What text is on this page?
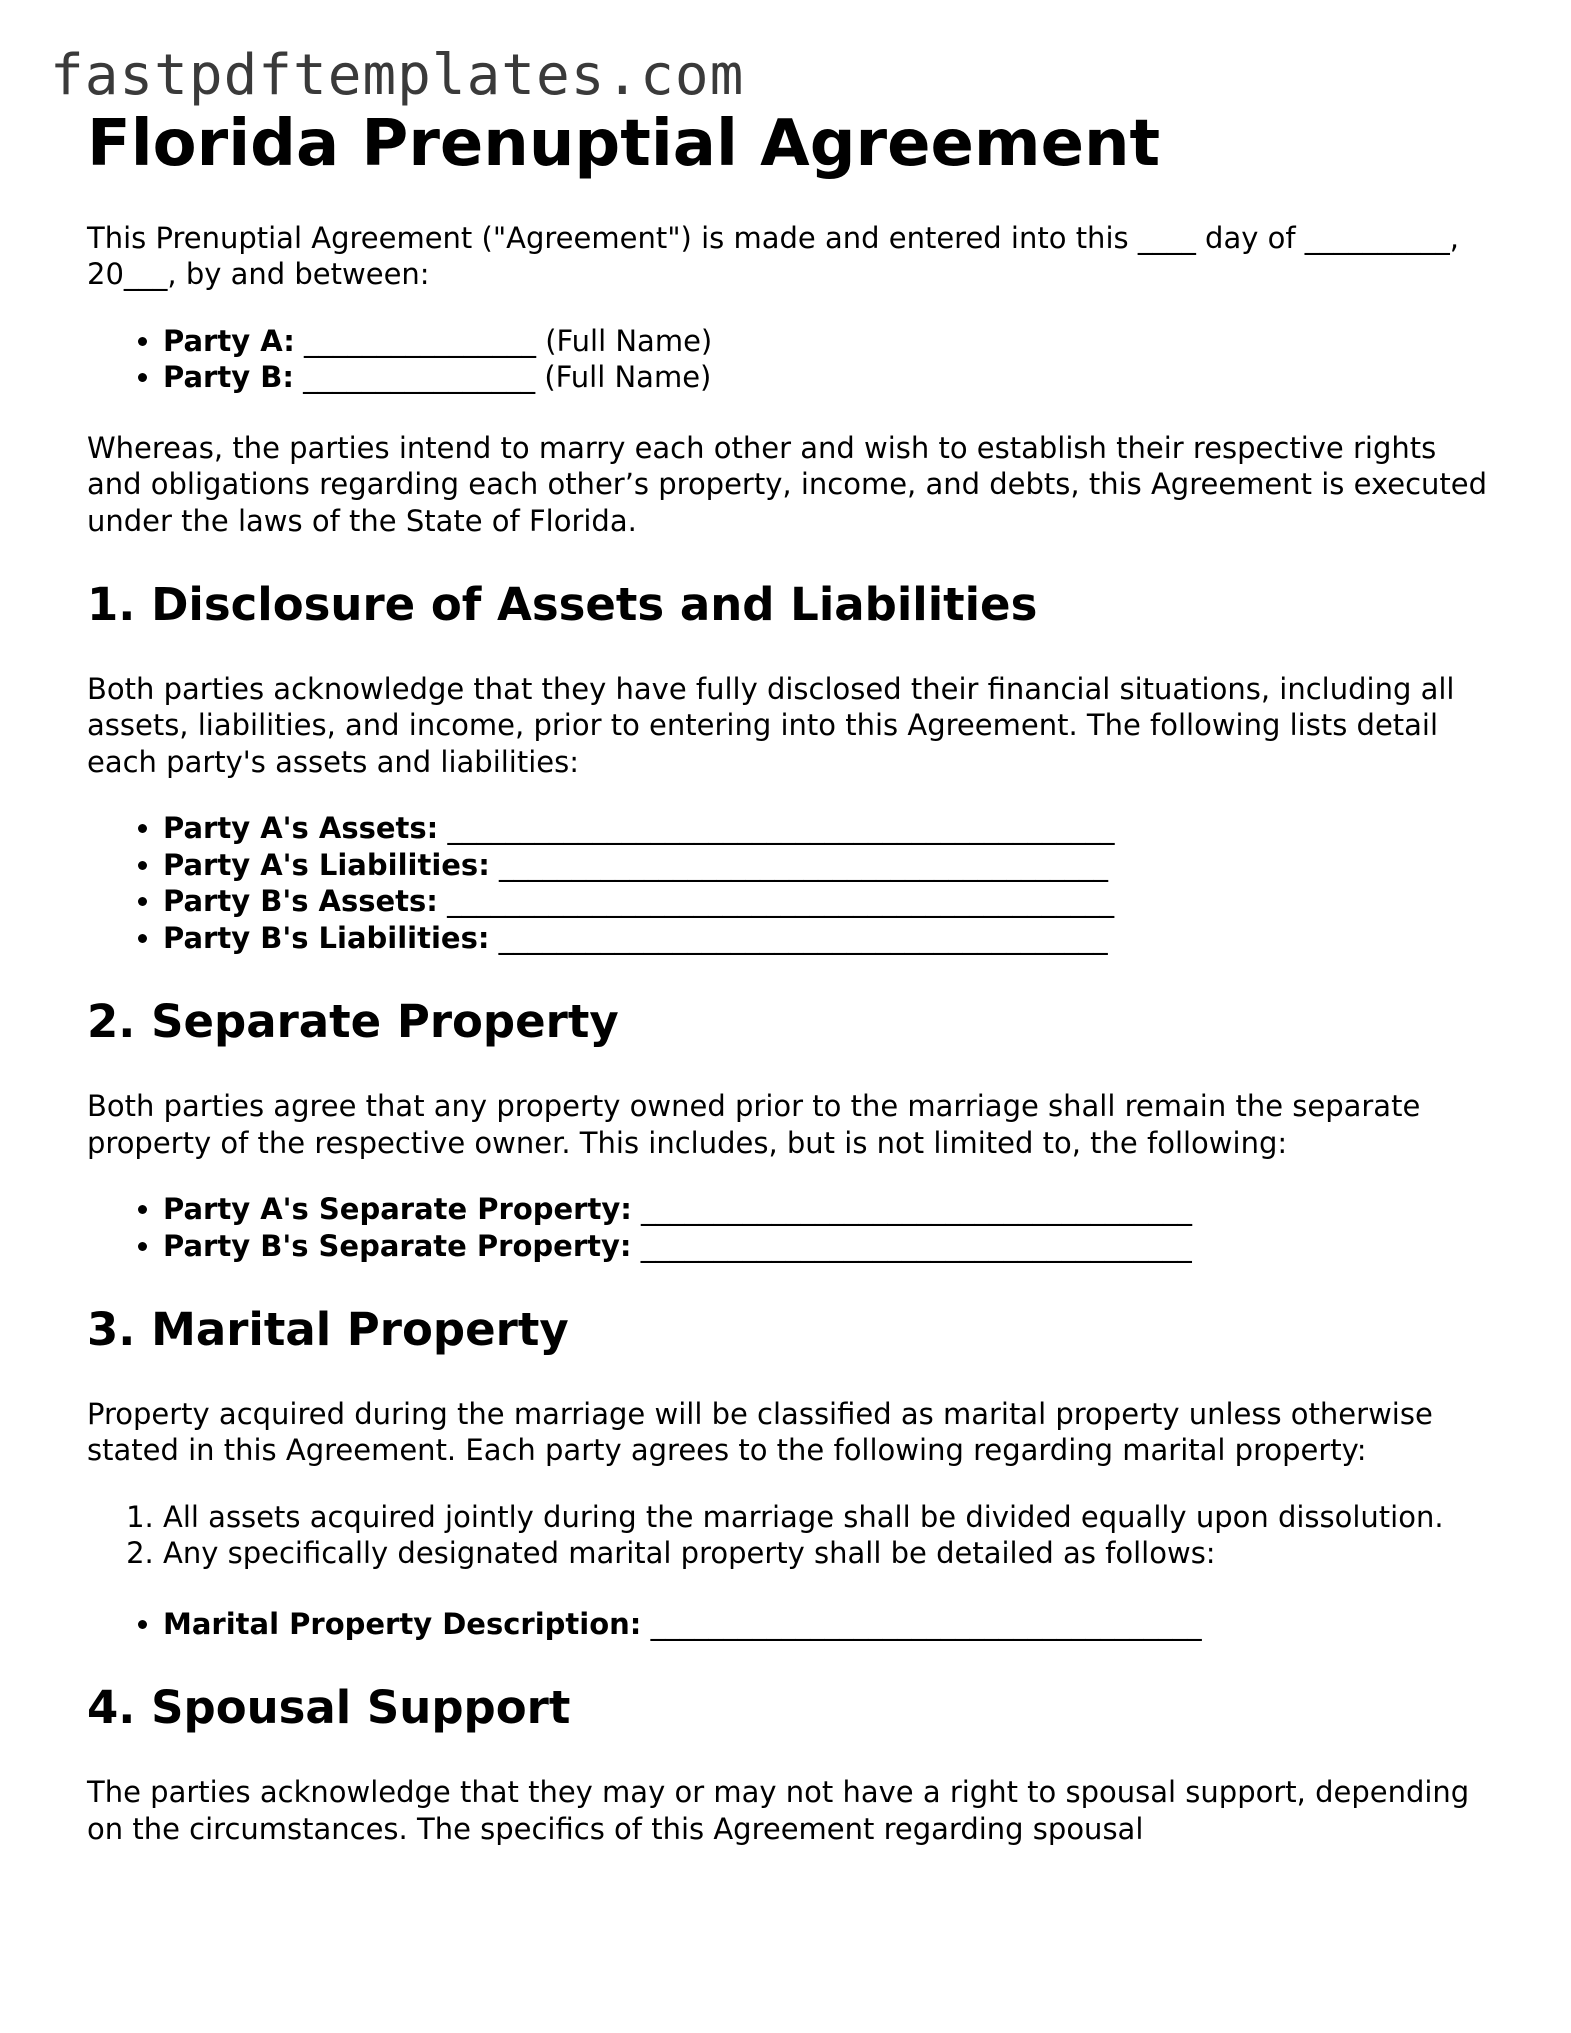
fastpdftemplates.com
Florida Prenuptial Agreement

This Prenuptial Agreement ("Agreement") is made and entered into this ____ day of __________, 20___, by and between:

• Party A: ________________ (Full Name)
• Party B: ________________ (Full Name)

Whereas, the parties intend to marry each other and wish to establish their respective rights and obligations regarding each other’s property, income, and debts, this Agreement is executed under the laws of the State of Florida.

1. Disclosure of Assets and Liabilities

Both parties acknowledge that they have fully disclosed their financial situations, including all assets, liabilities, and income, prior to entering into this Agreement. The following lists detail each party's assets and liabilities:

• Party A's Assets: ______________________________________________
• Party A's Liabilities: __________________________________________
• Party B's Assets: ______________________________________________
• Party B's Liabilities: __________________________________________
2. Separate Property

Both parties agree that any property owned prior to the marriage shall remain the separate property of the respective owner. This includes, but is not limited to, the following:

• Party A's Separate Property: ______________________________________
• Party B's Separate Property: ______________________________________
3. Marital Property

Property acquired during the marriage will be classified as marital property unless otherwise stated in this Agreement. Each party agrees to the following regarding marital property:

1. All assets acquired jointly during the marriage shall be divided equally upon dissolution.
2. Any specifically designated marital property shall be detailed as follows:
• Marital Property Description: ______________________________________
4. Spousal Support

The parties acknowledge that they may or may not have a right to spousal support, depending on the circumstances. The specifics of this Agreement regarding spousal
